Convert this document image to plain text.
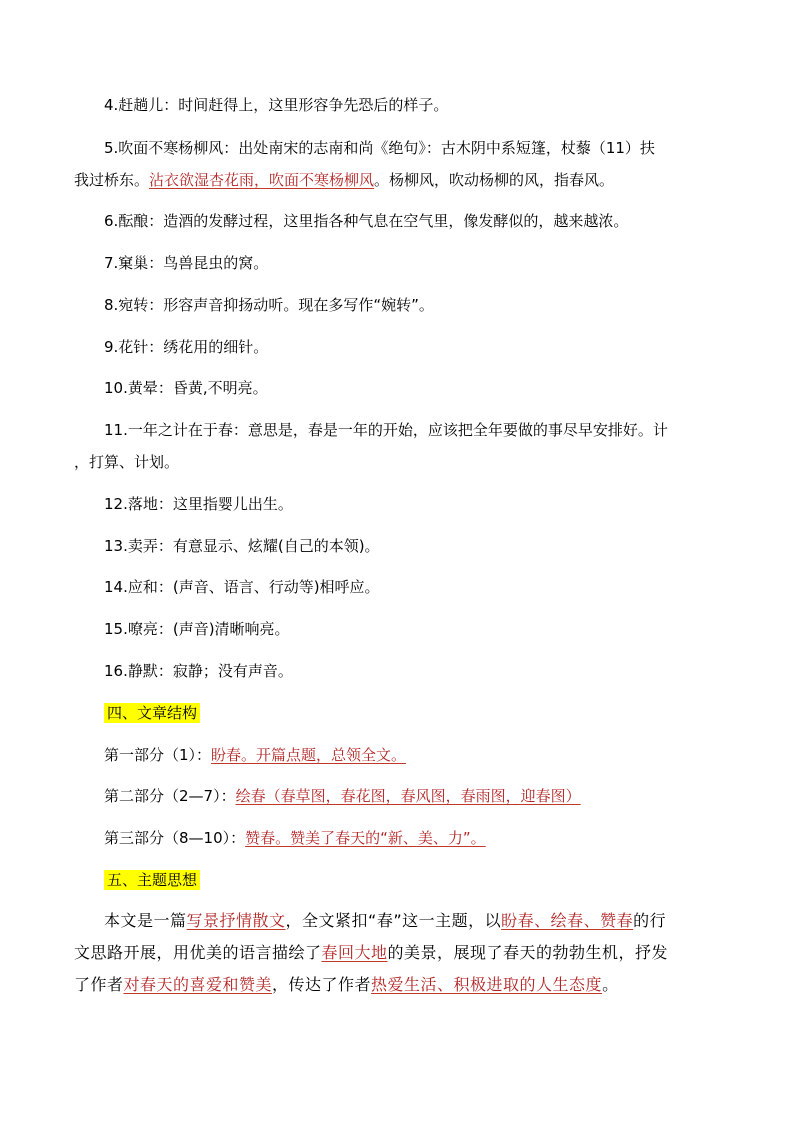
4.赶趟儿：时间赶得上，这里形容争先恐后的样子。
5.吹面不寒杨柳风：出处南宋的志南和尚《绝句》：古木阴中系短篷，杖藜（11）扶
我过桥东。沾衣欲湿杏花雨，吹面不寒杨柳风。杨柳风，吹动杨柳的风，指春风。
6.酝酿：造酒的发酵过程，这里指各种气息在空气里，像发酵似的，越来越浓。
7.窠巢：鸟兽昆虫的窝。
8.宛转：形容声音抑扬动听。现在多写作“婉转”。
9.花针：绣花用的细针。
10.黄晕：昏黄,不明亮。
11.一年之计在于春：意思是，春是一年的开始，应该把全年要做的事尽早安排好。计
，打算、计划。
12.落地：这里指婴儿出生。
13.卖弄：有意显示、炫耀(自己的本领)。
14.应和：(声音、语言、行动等)相呼应。
15.嘹亮：(声音)清晰响亮。
16.静默：寂静；没有声音。
四、文章结构
第一部分（1）：盼春。开篇点题，总领全文。
第二部分（2—7）：绘春（春草图，春花图，春风图，春雨图，迎春图）
第三部分（8—10）：赞春。赞美了春天的“新、美、力”。
五、主题思想
本文是一篇写景抒情散文，全文紧扣“春”这一主题，以盼春、绘春、赞春的行
文思路开展，用优美的语言描绘了春回大地的美景，展现了春天的勃勃生机，抒发
了作者对春天的喜爱和赞美，传达了作者热爱生活、积极进取的人生态度。
